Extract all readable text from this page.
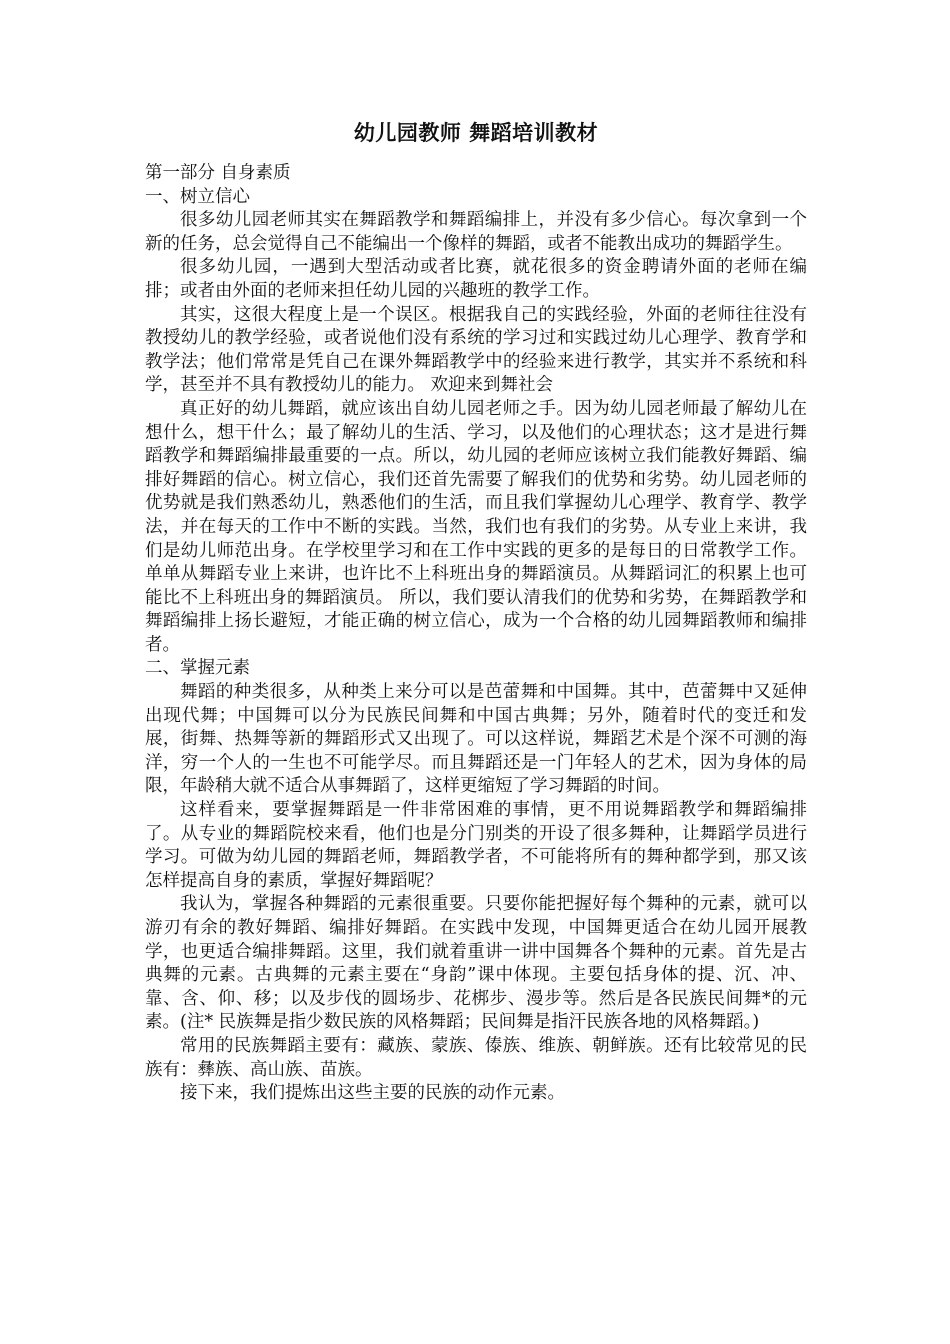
幼儿园教师 舞蹈培训教材

第一部分 自身素质

一、树立信心

很多幼儿园老师其实在舞蹈教学和舞蹈编排上，并没有多少信心。每次拿到一个新的任务，总会觉得自己不能编出一个像样的舞蹈，或者不能教出成功的舞蹈学生。

很多幼儿园，一遇到大型活动或者比赛，就花很多的资金聘请外面的老师在编排；或者由外面的老师来担任幼儿园的兴趣班的教学工作。

其实，这很大程度上是一个误区。根据我自己的实践经验，外面的老师往往没有教授幼儿的教学经验，或者说他们没有系统的学习过和实践过幼儿心理学、教育学和教学法；他们常常是凭自己在课外舞蹈教学中的经验来进行教学，其实并不系统和科学，甚至并不具有教授幼儿的能力。 欢迎来到舞社会

真正好的幼儿舞蹈，就应该出自幼儿园老师之手。因为幼儿园老师最了解幼儿在想什么，想干什么；最了解幼儿的生活、学习，以及他们的心理状态；这才是进行舞蹈教学和舞蹈编排最重要的一点。所以，幼儿园的老师应该树立我们能教好舞蹈、编排好舞蹈的信心。树立信心，我们还首先需要了解我们的优势和劣势。幼儿园老师的优势就是我们熟悉幼儿，熟悉他们的生活，而且我们掌握幼儿心理学、教育学、教学法，并在每天的工作中不断的实践。当然，我们也有我们的劣势。从专业上来讲，我们是幼儿师范出身。在学校里学习和在工作中实践的更多的是每日的日常教学工作。单单从舞蹈专业上来讲，也许比不上科班出身的舞蹈演员。从舞蹈词汇的积累上也可能比不上科班出身的舞蹈演员。 所以，我们要认清我们的优势和劣势，在舞蹈教学和舞蹈编排上扬长避短，才能正确的树立信心，成为一个合格的幼儿园舞蹈教师和编排者。

二、掌握元素

舞蹈的种类很多，从种类上来分可以是芭蕾舞和中国舞。其中，芭蕾舞中又延伸出现代舞；中国舞可以分为民族民间舞和中国古典舞；另外，随着时代的变迁和发展，街舞、热舞等新的舞蹈形式又出现了。可以这样说，舞蹈艺术是个深不可测的海洋，穷一个人的一生也不可能学尽。而且舞蹈还是一门年轻人的艺术，因为身体的局限，年龄稍大就不适合从事舞蹈了，这样更缩短了学习舞蹈的时间。

这样看来，要掌握舞蹈是一件非常困难的事情，更不用说舞蹈教学和舞蹈编排了。从专业的舞蹈院校来看，他们也是分门别类的开设了很多舞种，让舞蹈学员进行学习。可做为幼儿园的舞蹈老师，舞蹈教学者，不可能将所有的舞种都学到，那又该怎样提高自身的素质，掌握好舞蹈呢？

我认为，掌握各种舞蹈的元素很重要。只要你能把握好每个舞种的元素，就可以游刃有余的教好舞蹈、编排好舞蹈。在实践中发现，中国舞更适合在幼儿园开展教学，也更适合编排舞蹈。这里，我们就着重讲一讲中国舞各个舞种的元素。首先是古典舞的元素。古典舞的元素主要在“身韵”课中体现。主要包括身体的提、沉、冲、靠、含、仰、移；以及步伐的圆场步、花梆步、漫步等。然后是各民族民间舞*的元素。(注* 民族舞是指少数民族的风格舞蹈；民间舞是指汗民族各地的风格舞蹈。)

常用的民族舞蹈主要有：藏族、蒙族、傣族、维族、朝鲜族。还有比较常见的民族有：彝族、高山族、苗族。

接下来，我们提炼出这些主要的民族的动作元素。
